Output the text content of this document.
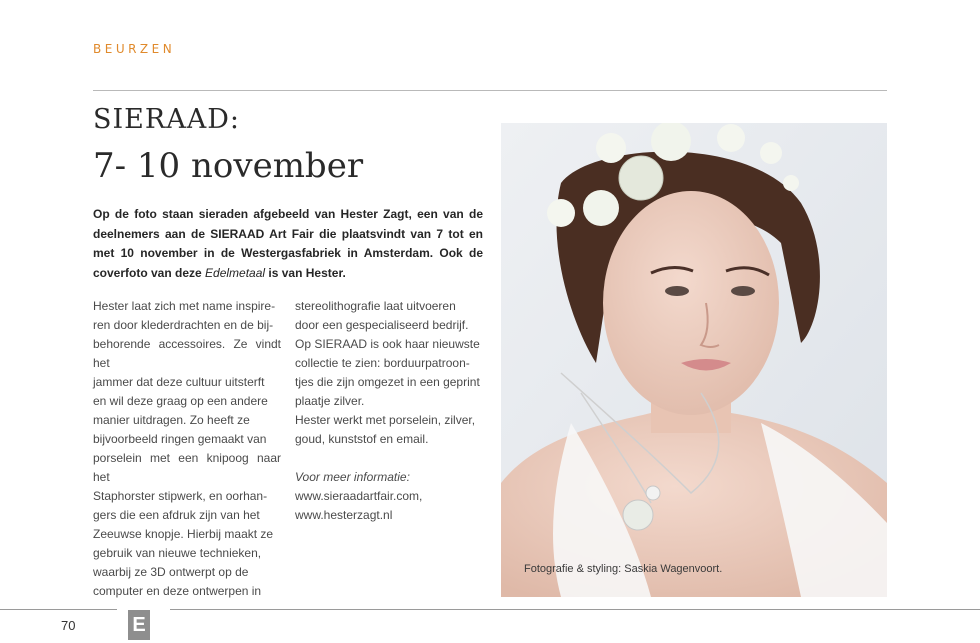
BEURZEN
SIERAAD:
7- 10 november
Op de foto staan sieraden afgebeeld van Hester Zagt, een van de deelnemers aan de SIERAAD Art Fair die plaatsvindt van 7 tot en met 10 november in de Westergasfabriek in Amsterdam. Ook de coverfoto van deze Edelmetaal is van Hester.

Hester laat zich met name inspire-

ren door klederdrachten en de bij-

behorende accessoires. Ze vindt het

jammer dat deze cultuur uitsterft

en wil deze graag op een andere

manier uitdragen. Zo heeft ze

bijvoorbeeld ringen gemaakt van

porselein met een knipoog naar het

Staphorster stipwerk, en oorhan-

gers die een afdruk zijn van het

Zeeuwse knopje. Hierbij maakt ze

gebruik van nieuwe technieken,

waarbij ze 3D ontwerpt op de

computer en deze ontwerpen in

stereolithografie laat uitvoeren

door een gespecialiseerd bedrijf.

Op SIERAAD is ook haar nieuwste

collectie te zien: borduurpatroon-

tjes die zijn omgezet in een geprint

plaatje zilver.

Hester werkt met porselein, zilver,

goud, kunststof en email.

Voor meer informatie:

www.sieraadartfair.com,

www.hesterzagt.nl

Fotografie & styling: Saskia Wagenvoort.
70	E
